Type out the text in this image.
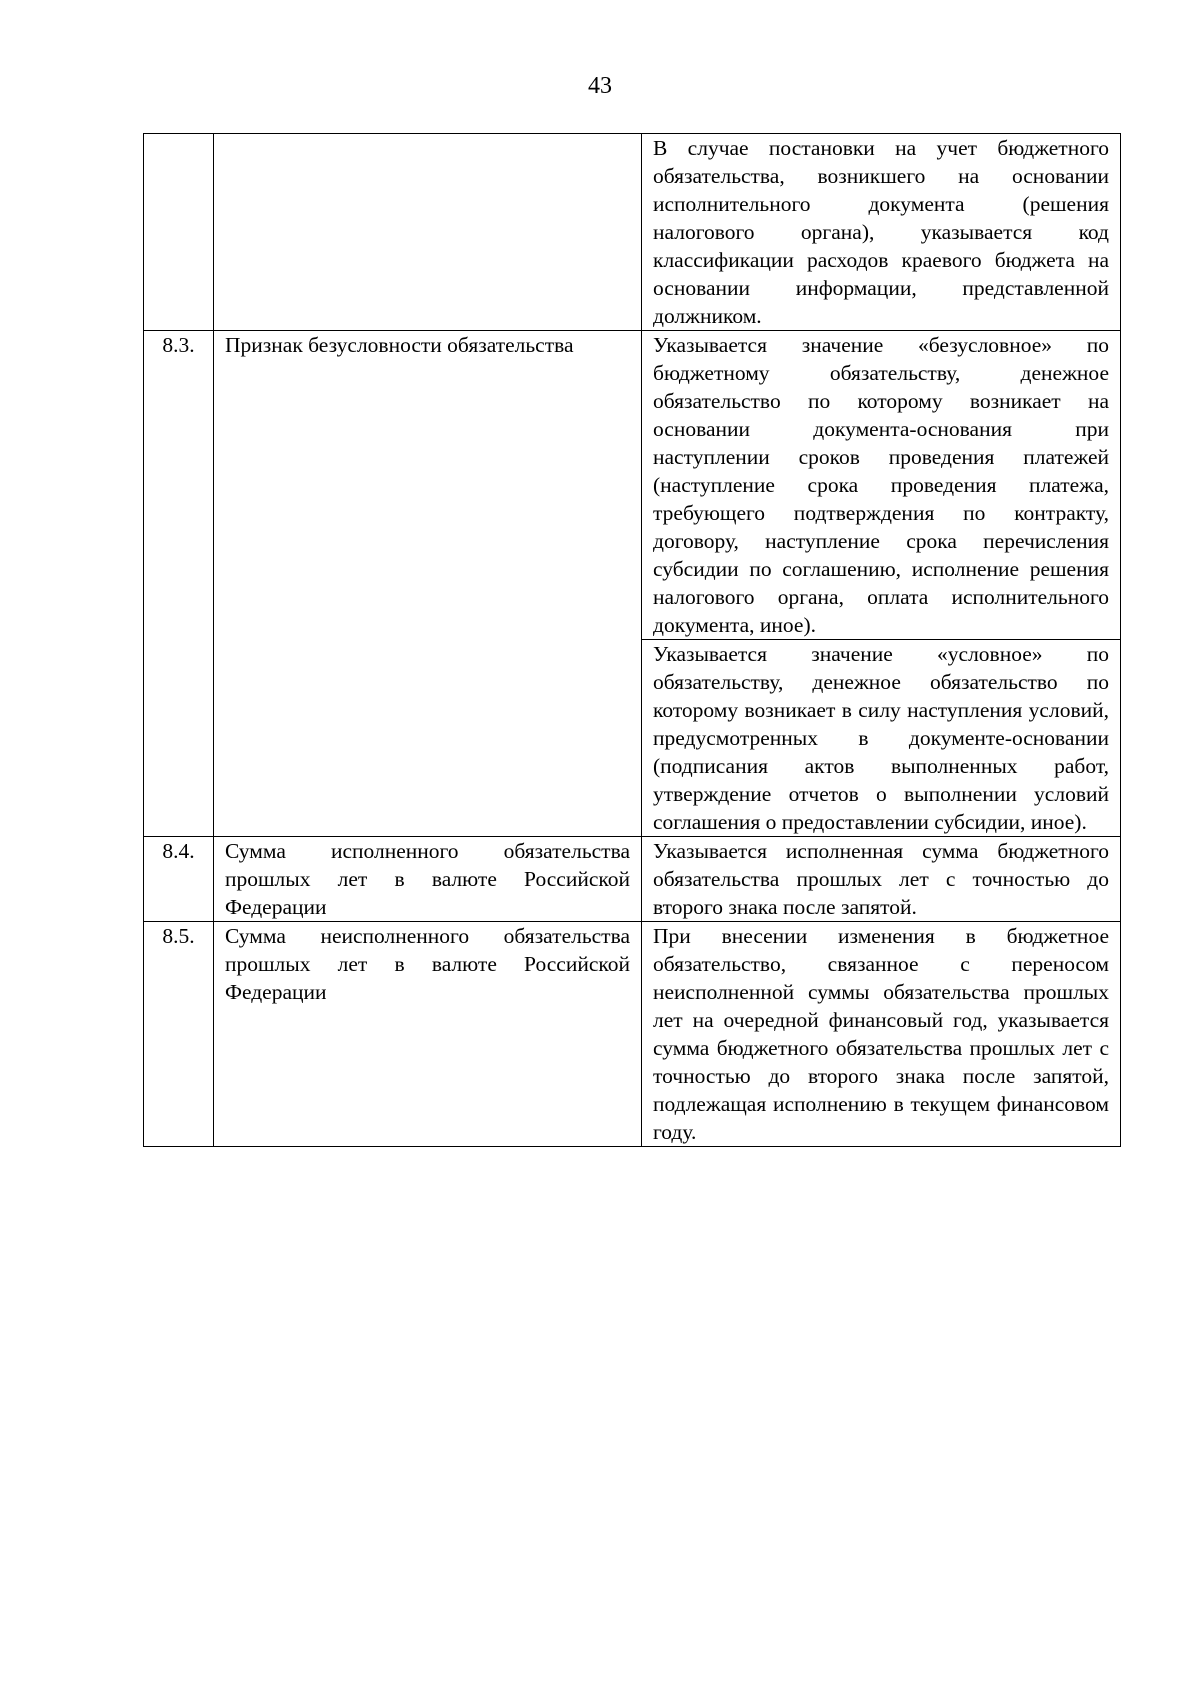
43
		В случае постановки на учет бюджетного обязательства, возникшего на основании исполнительного документа (решения налогового органа), указывается код классификации расходов краевого бюджета на основании информации, представленной должником.
8.3.	Признак безусловности обязательства	Указывается значение «безусловное» по бюджетному обязательству, денежное обязательство по которому возникает на основании документа-основания при наступлении сроков проведения платежей (наступление срока проведения платежа, требующего подтверждения по контракту, договору, наступление срока перечисления субсидии по соглашению, исполнение решения налогового органа, оплата исполнительного документа, иное).
		Указывается значение «условное» по обязательству, денежное обязательство по которому возникает в силу наступления условий, предусмотренных в документе-основании (подписания актов выполненных работ, утверждение отчетов о выполнении условий соглашения о предоставлении субсидии, иное).
8.4.	Сумма исполненного обязательства прошлых лет в валюте Российской Федерации	Указывается исполненная сумма бюджетного обязательства прошлых лет с точностью до второго знака после запятой.
8.5.	Сумма неисполненного обязательства прошлых лет в валюте Российской Федерации	При внесении изменения в бюджетное обязательство, связанное с переносом неисполненной суммы обязательства прошлых лет на очередной финансовый год, указывается сумма бюджетного обязательства прошлых лет с точностью до второго знака после запятой, подлежащая исполнению в текущем финансовом году.
